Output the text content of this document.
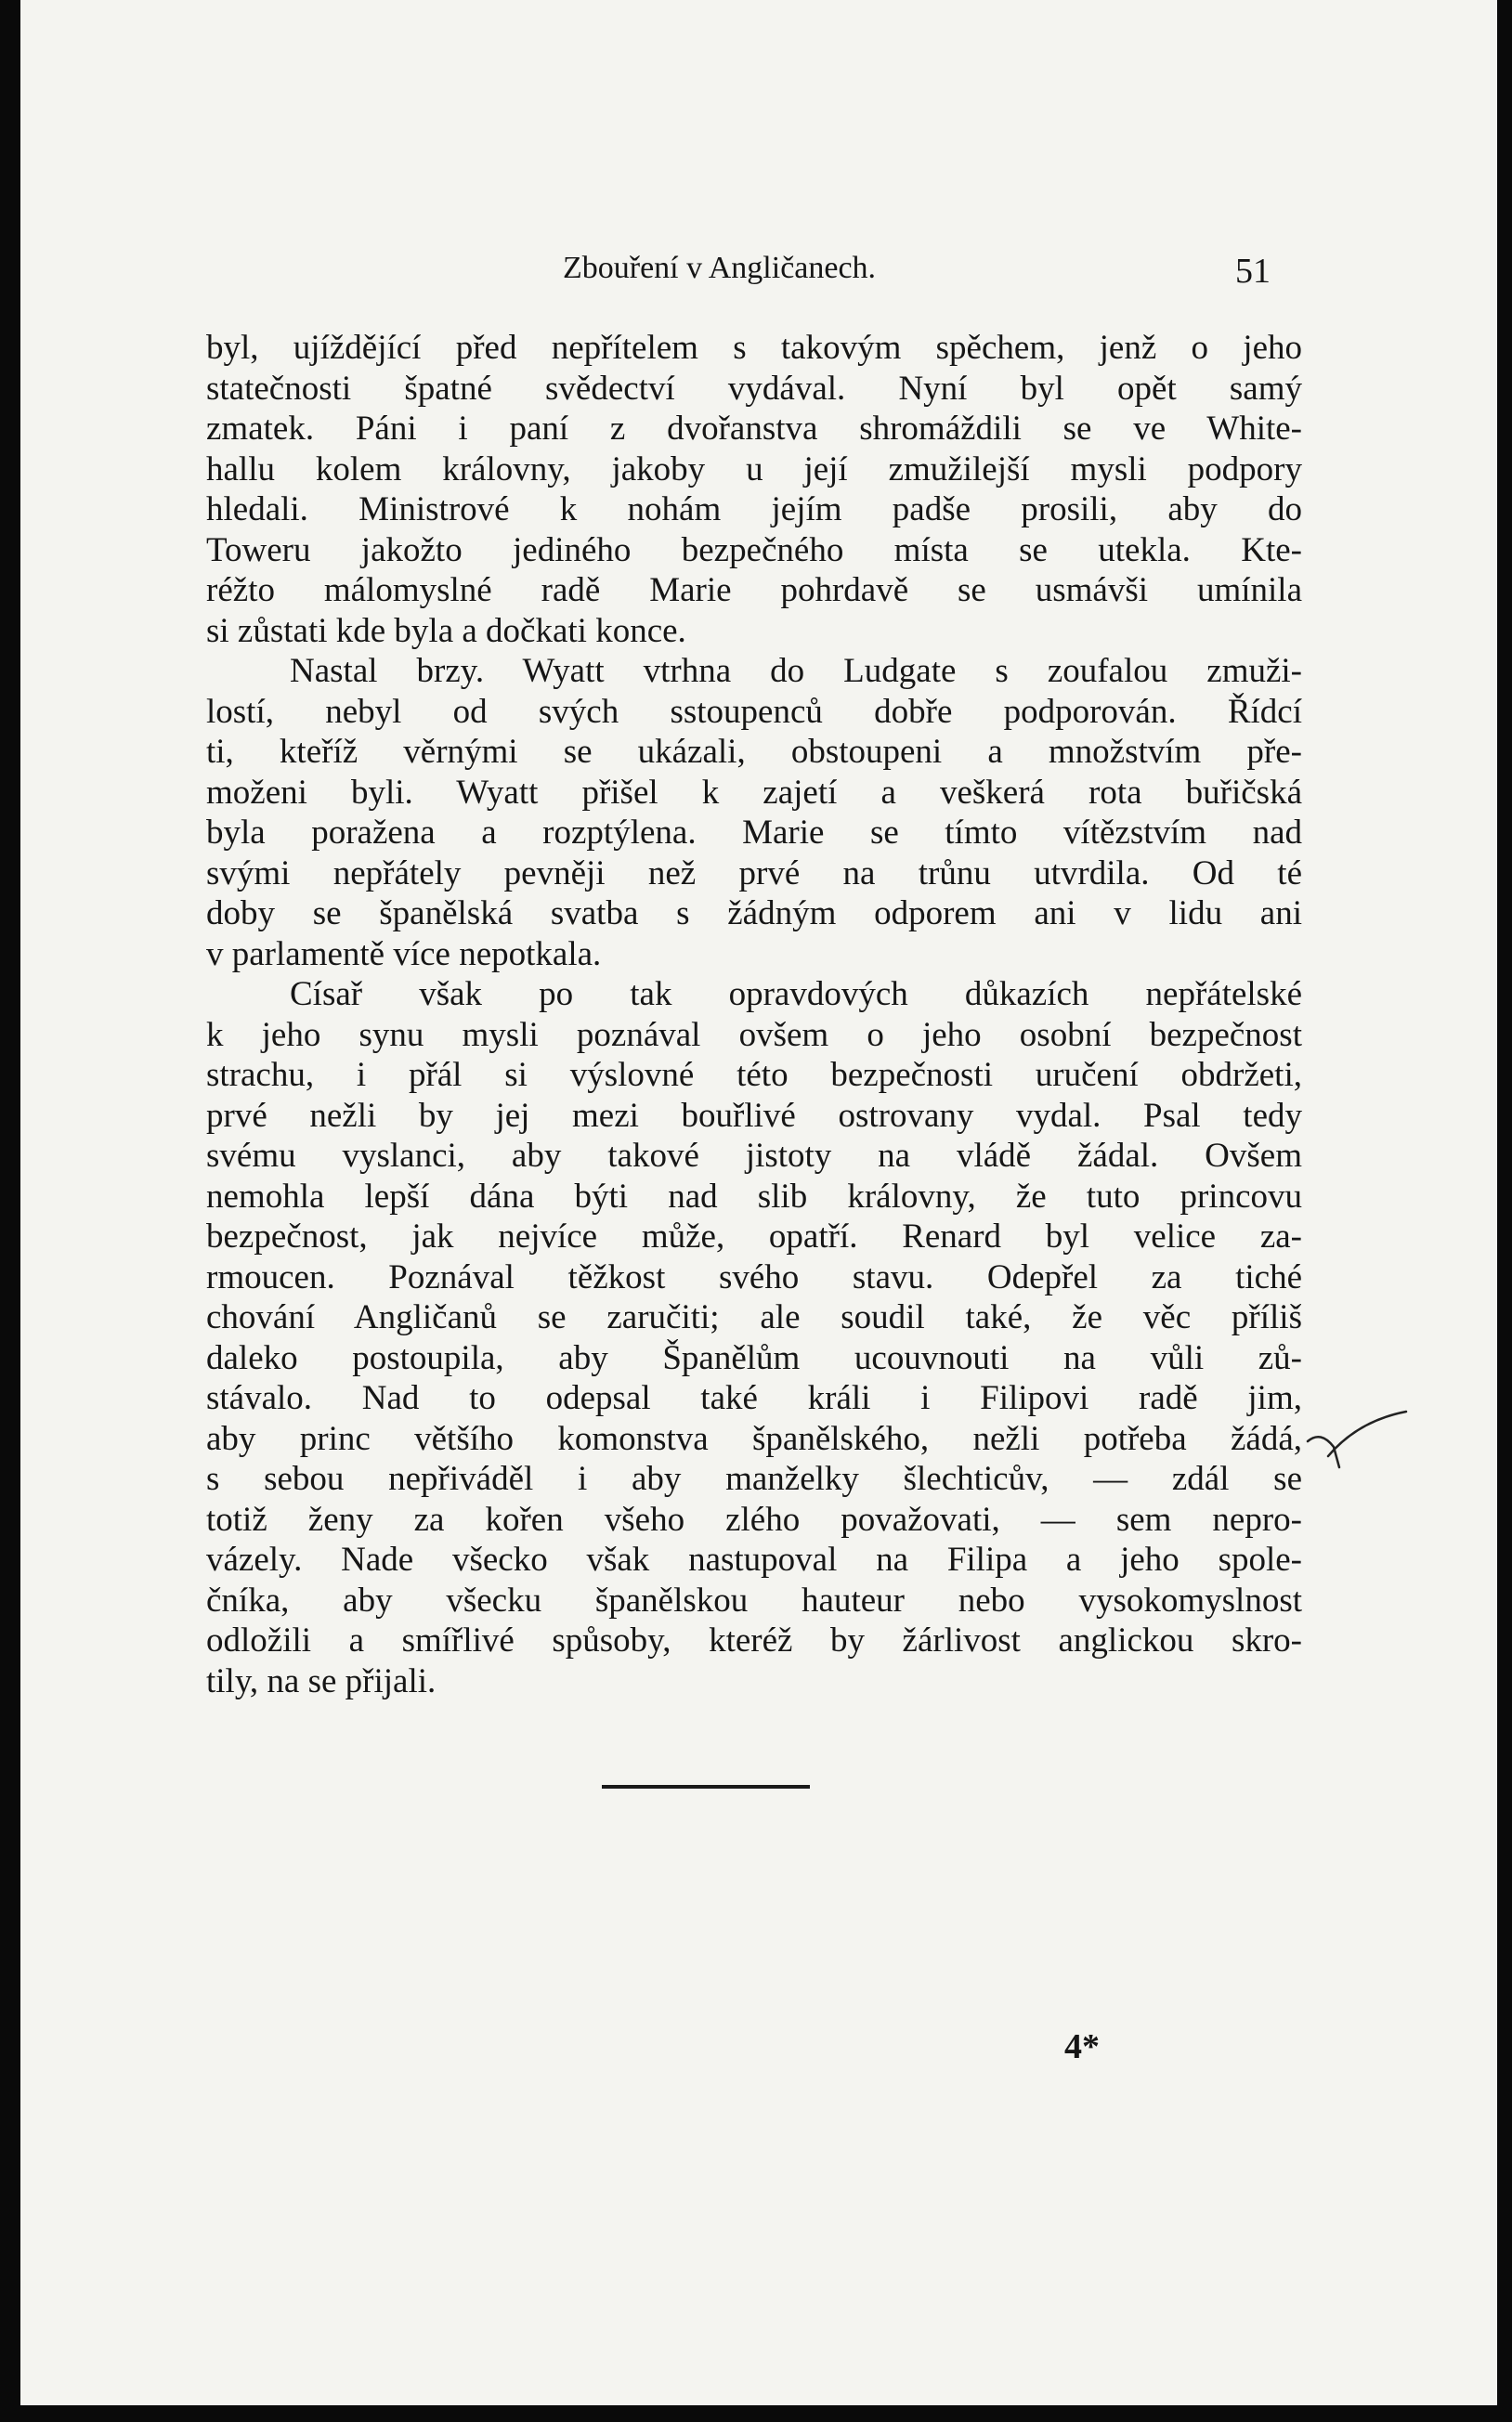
Zbouření v Angličanech.	51
byl, ujíždějící před nepřítelem s takovým spěchem, jenž o jeho
statečnosti špatné svědectví vydával. Nyní byl opět samý
zmatek. Páni i paní z dvořanstva shromáždili se ve White-
hallu kolem královny, jakoby u její zmužilejší mysli podpory
hledali. Ministrové k nohám jejím padše prosili, aby do
Toweru jakožto jediného bezpečného místa se utekla. Kte-
réžto málomyslné radě Marie pohrdavě se usmávši umínila
si zůstati kde byla a dočkati konce.
Nastal brzy. Wyatt vtrhna do Ludgate s zoufalou zmuži-
lostí, nebyl od svých sstoupenců dobře podporován. Řídcí
ti, kteříž věrnými se ukázali, obstoupeni a množstvím pře-
moženi byli. Wyatt přišel k zajetí a veškerá rota buřičská
byla poražena a rozptýlena. Marie se tímto vítězstvím nad
svými nepřátely pevněji než prvé na trůnu utvrdila. Od té
doby se španělská svatba s žádným odporem ani v lidu ani
v parlamentě více nepotkala.
Císař však po tak opravdových důkazích nepřátelské
k jeho synu mysli poznával ovšem o jeho osobní bezpečnost
strachu, i přál si výslovné této bezpečnosti uručení obdržeti,
prvé nežli by jej mezi bouřlivé ostrovany vydal. Psal tedy
svému vyslanci, aby takové jistoty na vládě žádal. Ovšem
nemohla lepší dána býti nad slib královny, že tuto princovu
bezpečnost, jak nejvíce může, opatří. Renard byl velice za-
rmoucen. Poznával těžkost svého stavu. Odepřel za tiché
chování Angličanů se zaručiti; ale soudil také, že věc příliš
daleko postoupila, aby Španělům ucouvnouti na vůli zů-
stávalo. Nad to odepsal také králi i Filipovi radě jim,
aby princ většího komonstva španělského, nežli potřeba žádá,
s sebou nepřiváděl i aby manželky šlechticův, — zdál se
totiž ženy za kořen všeho zlého považovati, — sem nepro-
vázely. Nade všecko však nastupoval na Filipa a jeho spole-
čníka, aby všecku španělskou hauteur nebo vysokomyslnost
odložili a smířlivé spůsoby, kteréž by žárlivost anglickou skro-
tily, na se přijali.
4*
